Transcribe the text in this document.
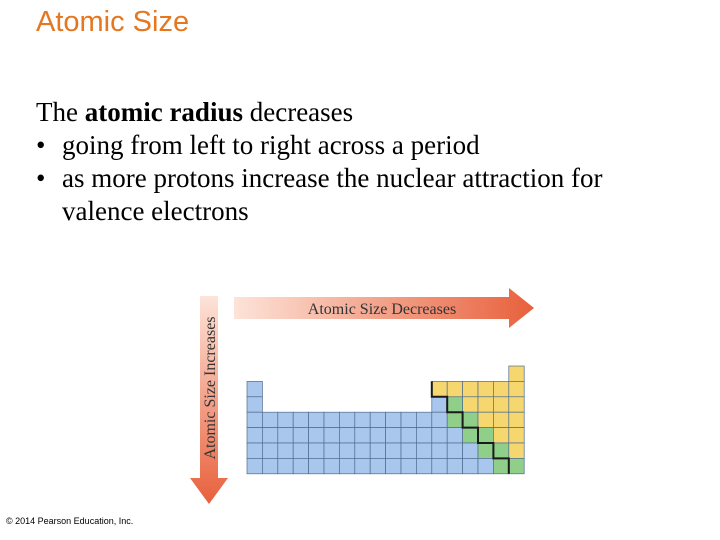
Atomic Size
The atomic radius decreases
• going from left to right across a period
• as more protons increase the nuclear attraction for valence electrons
Atomic Size Decreases
Atomic Size Increases
© 2014 Pearson Education, Inc.
